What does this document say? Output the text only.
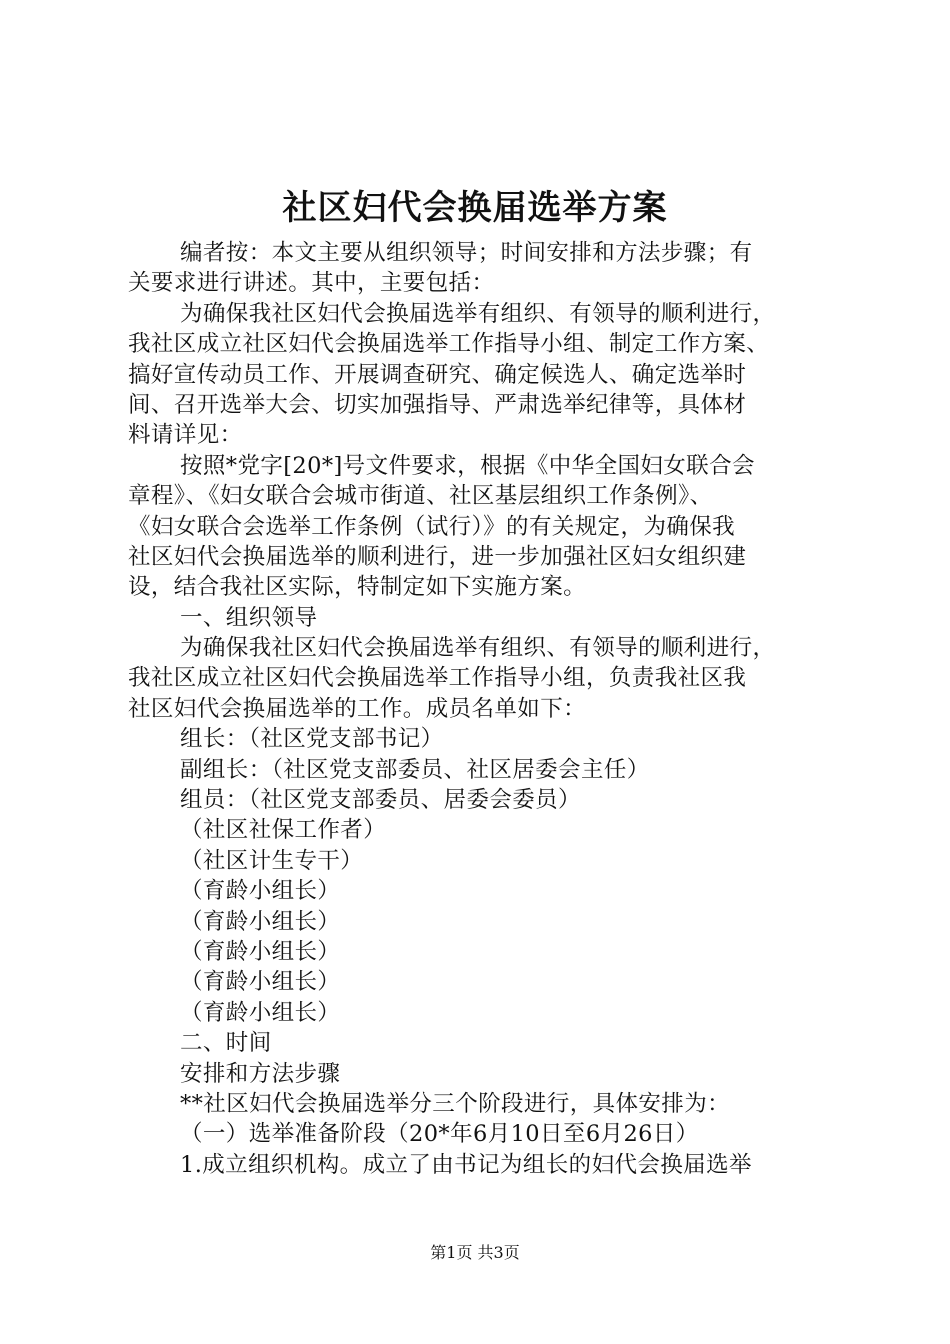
社区妇代会换届选举方案
编者按：本文主要从组织领导；时间安排和方法步骤；有
关要求进行讲述。其中，主要包括：
为确保我社区妇代会换届选举有组织、有领导的顺利进行，
我社区成立社区妇代会换届选举工作指导小组、制定工作方案、
搞好宣传动员工作、开展调查研究、确定候选人、确定选举时
间、召开选举大会、切实加强指导、严肃选举纪律等，具体材
料请详见：
按照*党字[20*]号文件要求，根据《中华全国妇女联合会
章程》、《妇女联合会城市街道、社区基层组织工作条例》、
《妇女联合会选举工作条例（试行）》的有关规定，为确保我
社区妇代会换届选举的顺利进行，进一步加强社区妇女组织建
设，结合我社区实际，特制定如下实施方案。
一、组织领导
为确保我社区妇代会换届选举有组织、有领导的顺利进行，
我社区成立社区妇代会换届选举工作指导小组，负责我社区我
社区妇代会换届选举的工作。成员名单如下：
组长：（社区党支部书记）
副组长：（社区党支部委员、社区居委会主任）
组员：（社区党支部委员、居委会委员）
（社区社保工作者）
（社区计生专干）
（育龄小组长）
（育龄小组长）
（育龄小组长）
（育龄小组长）
（育龄小组长）
二、时间
安排和方法步骤
**社区妇代会换届选举分三个阶段进行，具体安排为：
（一）选举准备阶段（20*年6月10日至6月26日）
1.成立组织机构。成立了由书记为组长的妇代会换届选举
第1页 共3页
